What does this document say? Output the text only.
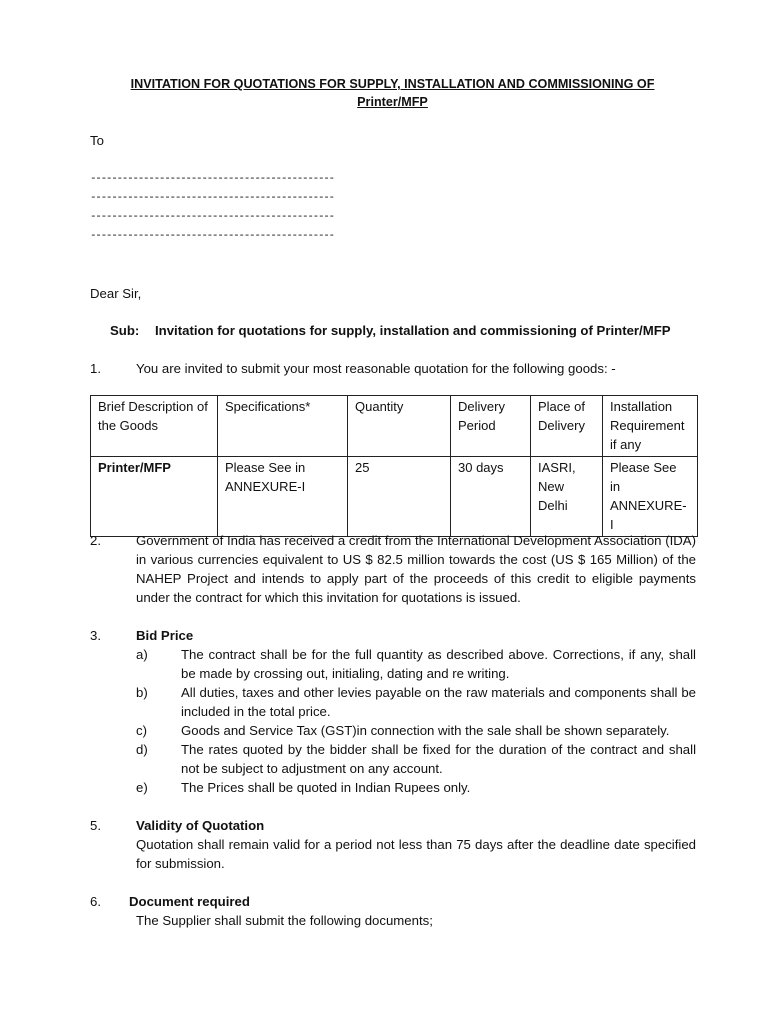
INVITATION FOR QUOTATIONS FOR SUPPLY, INSTALLATION AND COMMISSIONING OF
Printer/MFP
To
----------------------------------------------
----------------------------------------------
----------------------------------------------
----------------------------------------------
Dear Sir,
Sub: Invitation for quotations for supply, installation and commissioning of Printer/MFP
1.	You are invited to submit your most reasonable quotation for the following goods: -
Brief Description of the Goods	Specifications*	Quantity	Delivery Period	Place of Delivery	Installation Requirement if any
Printer/MFP	Please See in ANNEXURE-I	25	30 days	IASRI, New Delhi	Please See in ANNEXURE-I
2.	Government of India has received a credit from the International Development Association (IDA) in various currencies equivalent to US $ 82.5 million towards the cost (US $ 165 Million) of the NAHEP Project and intends to apply part of the proceeds of this credit to eligible payments under the contract for which this invitation for quotations is issued.
3.	Bid Price
a)	The contract shall be for the full quantity as described above. Corrections, if any, shall be made by crossing out, initialing, dating and re writing.
b)	All duties, taxes and other levies payable on the raw materials and components shall be included in the total price.
c)	Goods and Service Tax (GST)in connection with the sale shall be shown separately.
d)	The rates quoted by the bidder shall be fixed for the duration of the contract and shall not be subject to adjustment on any account.
e)	The Prices shall be quoted in Indian Rupees only.
5.	Validity of Quotation
Quotation shall remain valid for a period not less than 75 days after the deadline date specified for submission.
6. Document required
The Supplier shall submit the following documents;
